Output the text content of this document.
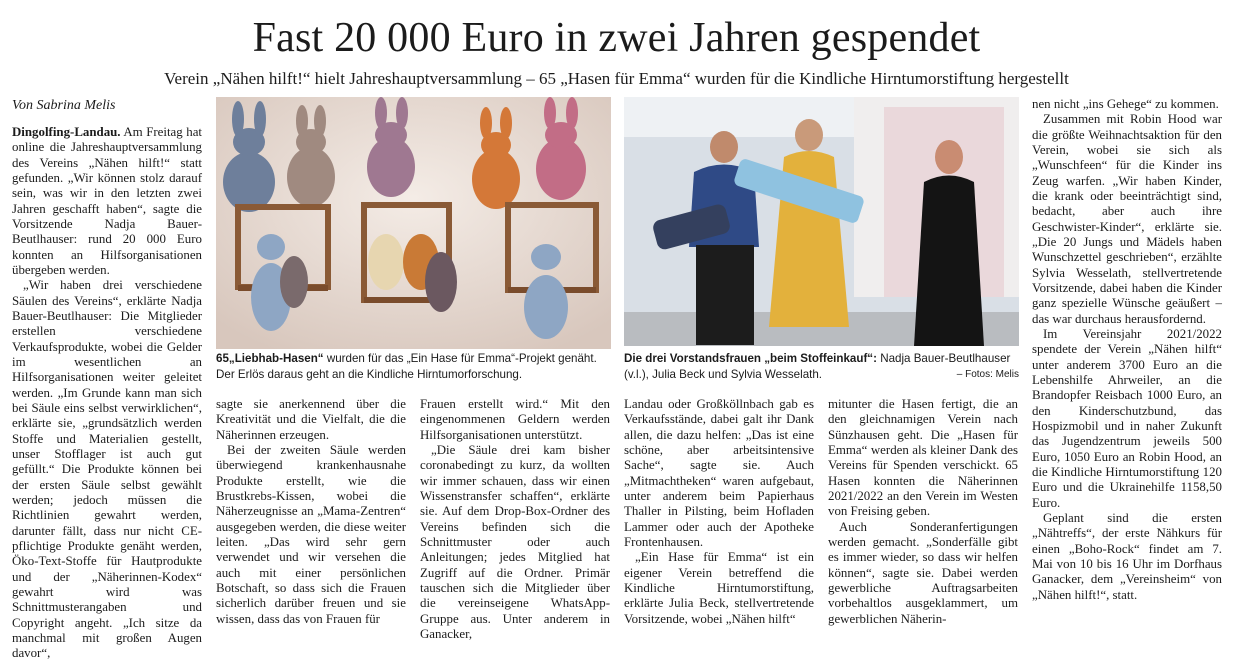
Fast 20 000 Euro in zwei Jahren gespendet
Verein „Nähen hilft!“ hielt Jahreshauptversammlung – 65 „Hasen für Emma“ wurden für die Kindliche Hirntumorstiftung hergestellt
Von Sabrina Melis

Dingolfing-Landau. Am Freitag hat online die Jahreshauptversammlung des Vereins „Nähen hilft!“ statt gefunden. „Wir können stolz darauf sein, was wir in den letzten zwei Jahren geschafft haben“, sagte die Vorsitzende Nadja Bauer-Beutlhauser: rund 20 000 Euro konnten an Hilfsorganisationen übergeben werden.

„Wir haben drei verschiedene Säulen des Vereins“, erklärte Nadja Bauer-Beutlhauser: Die Mitglieder erstellen verschiedene Verkaufsprodukte, wobei die Gelder im wesentlichen an Hilfsorganisationen weiter geleitet werden. „Im Grunde kann man sich bei Säule eins selbst verwirklichen“, erklärte sie, „grundsätzlich werden Stoffe und Materialien gestellt, unser Stofflager ist auch gut gefüllt.“ Die Produkte können bei der ersten Säule selbst gewählt werden; jedoch müssen die Richtlinien gewahrt werden, darunter fällt, dass nur nicht CE-pflichtige Produkte genäht werden, Öko-Text-Stoffe für Hautprodukte und der „Näherinnen-Kodex“ gewahrt wird was Schnittmusterangaben und Copyright angeht. „Ich sitze da manchmal mit großen Augen davor“,

65„Liebhab-Hasen“ wurden für das „Ein Hase für Emma“-Projekt genäht. Der Erlös daraus geht an die Kindliche Hirntumorforschung.
Die drei Vorstandsfrauen „beim Stoffeinkauf“: Nadja Bauer-Beutlhauser (v.l.), Julia Beck und Sylvia Wesselath.	– Fotos: Melis

sagte sie anerkennend über die Kreativität und die Vielfalt, die die Näherinnen erzeugen.

Bei der zweiten Säule werden überwiegend krankenhausnahe Produkte erstellt, wie die Brustkrebs-Kissen, wobei die Näherzeugnisse an „Mama-Zentren“ ausgegeben werden, die diese weiter leiten. „Das wird sehr gern verwendet und wir versehen die auch mit einer persönlichen Botschaft, so dass sich die Frauen sicherlich darüber freuen und sie wissen, dass das von Frauen für

Frauen erstellt wird.“ Mit den eingenommenen Geldern werden Hilfsorganisationen unterstützt.

„Die Säule drei kam bisher coronabedingt zu kurz, da wollten wir immer schauen, dass wir einen Wissenstransfer schaffen“, erklärte sie. Auf dem Drop-Box-Ordner des Vereins befinden sich die Schnittmuster oder auch Anleitungen; jedes Mitglied hat Zugriff auf die Ordner. Primär tauschen sich die Mitglieder über die vereinseigene WhatsApp-Gruppe aus. Unter anderem in Ganacker,

Landau oder Großköllnbach gab es Verkaufsstände, dabei galt ihr Dank allen, die dazu helfen: „Das ist eine schöne, aber arbeitsintensive Sache“, sagte sie. Auch „Mitmachtheken“ waren aufgebaut, unter anderem beim Papierhaus Thaller in Pilsting, beim Hofladen Lammer oder auch der Apotheke Frontenhausen.

„Ein Hase für Emma“ ist ein eigener Verein betreffend die Kindliche Hirntumorstiftung, erklärte Julia Beck, stellvertretende Vorsitzende, wobei „Nähen hilft“

mitunter die Hasen fertigt, die an den gleichnamigen Verein nach Sünzhausen geht. Die „Hasen für Emma“ werden als kleiner Dank des Vereins für Spenden verschickt. 65 Hasen konnten die Näherinnen 2021/2022 an den Verein im Westen von Freising geben.

Auch Sonderanfertigungen werden gemacht. „Sonderfälle gibt es immer wieder, so dass wir helfen können“, sagte sie. Dabei werden gewerbliche Auftragsarbeiten vorbehaltlos ausgeklammert, um gewerblichen Näherin-

nen nicht „ins Gehege“ zu kommen.

Zusammen mit Robin Hood war die größte Weihnachtsaktion für den Verein, wobei sie sich als „Wunschfeen“ für die Kinder ins Zeug warfen. „Wir haben Kinder, die krank oder beeinträchtigt sind, bedacht, aber auch ihre Geschwister-Kinder“, erklärte sie. „Die 20 Jungs und Mädels haben Wunschzettel geschrieben“, erzählte Sylvia Wesselath, stellvertretende Vorsitzende, dabei haben die Kinder ganz spezielle Wünsche geäußert – das war durchaus herausfordernd.

Im Vereinsjahr 2021/2022 spendete der Verein „Nähen hilft“ unter anderem 3700 Euro an die Lebenshilfe Ahrweiler, an die Brandopfer Reisbach 1000 Euro, an den Kinderschutzbund, das Hospizmobil und in naher Zukunft das Jugendzentrum jeweils 500 Euro, 1050 Euro an Robin Hood, an die Kindliche Hirntumorstiftung 120 Euro und die Ukrainehilfe 1158,50 Euro.

Geplant sind die ersten „Nähtreffs“, der erste Nähkurs für einen „Boho-Rock“ findet am 7. Mai von 10 bis 16 Uhr im Dorfhaus Ganacker, dem „Vereinsheim“ von „Nähen hilft!“, statt.
